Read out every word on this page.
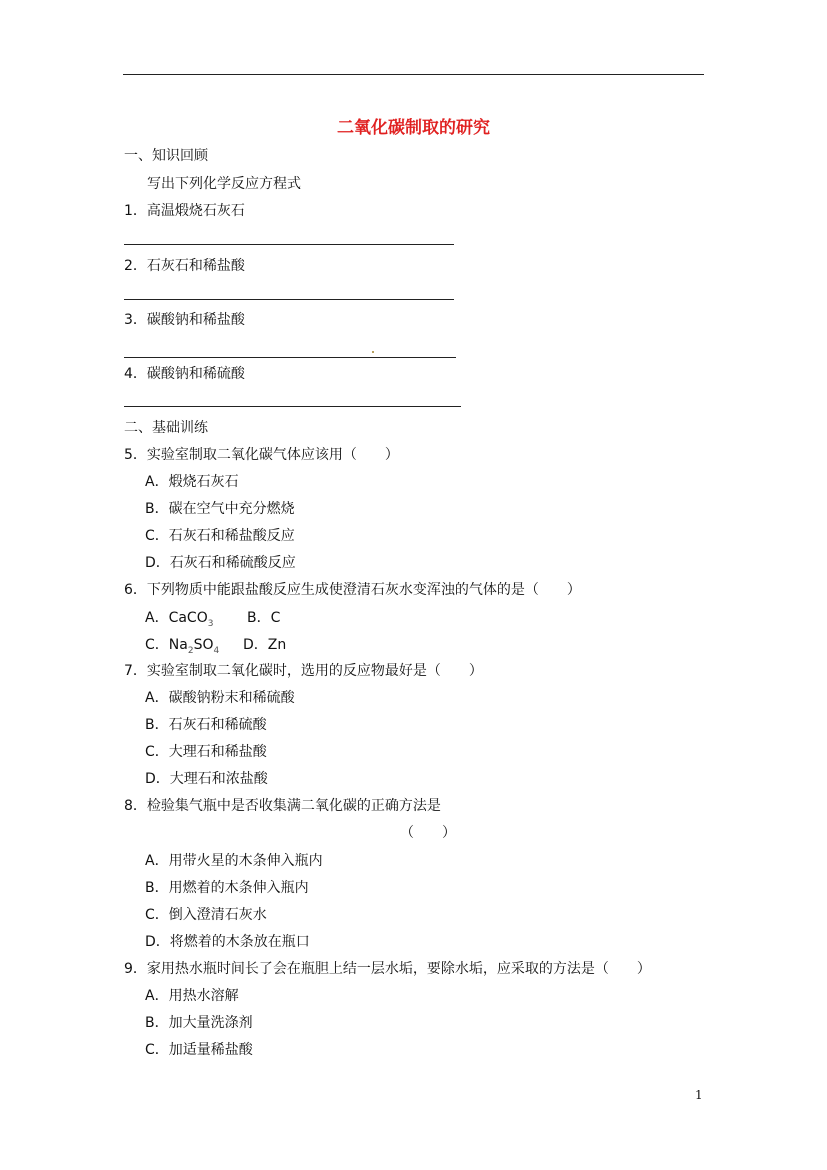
二氧化碳制取的研究
一、知识回顾
写出下列化学反应方程式
1．高温煅烧石灰石
2．石灰石和稀盐酸
3．碳酸钠和稀盐酸
4．碳酸钠和稀硫酸
二、基础训练
5．实验室制取二氧化碳气体应该用（　　）
A．煅烧石灰石
B．碳在空气中充分燃烧
C．石灰石和稀盐酸反应
D．石灰石和稀硫酸反应
6．下列物质中能跟盐酸反应生成使澄清石灰水变浑浊的气体的是（　　）
A．CaCO$_3$ B．C
C．$Na_2SO_4$ D．Zn
7．实验室制取二氧化碳时，选用的反应物最好是（　　）
A．碳酸钠粉末和稀硫酸
B．石灰石和稀硫酸
C．大理石和稀盐酸
D．大理石和浓盐酸
8．检验集气瓶中是否收集满二氧化碳的正确方法是
（　　）
A．用带火星的木条伸入瓶内
B．用燃着的木条伸入瓶内
C．倒入澄清石灰水
D．将燃着的木条放在瓶口
9．家用热水瓶时间长了会在瓶胆上结一层水垢，要除水垢，应采取的方法是（　　）
A．用热水溶解
B．加大量洗涤剂
C．加适量稀盐酸
1
